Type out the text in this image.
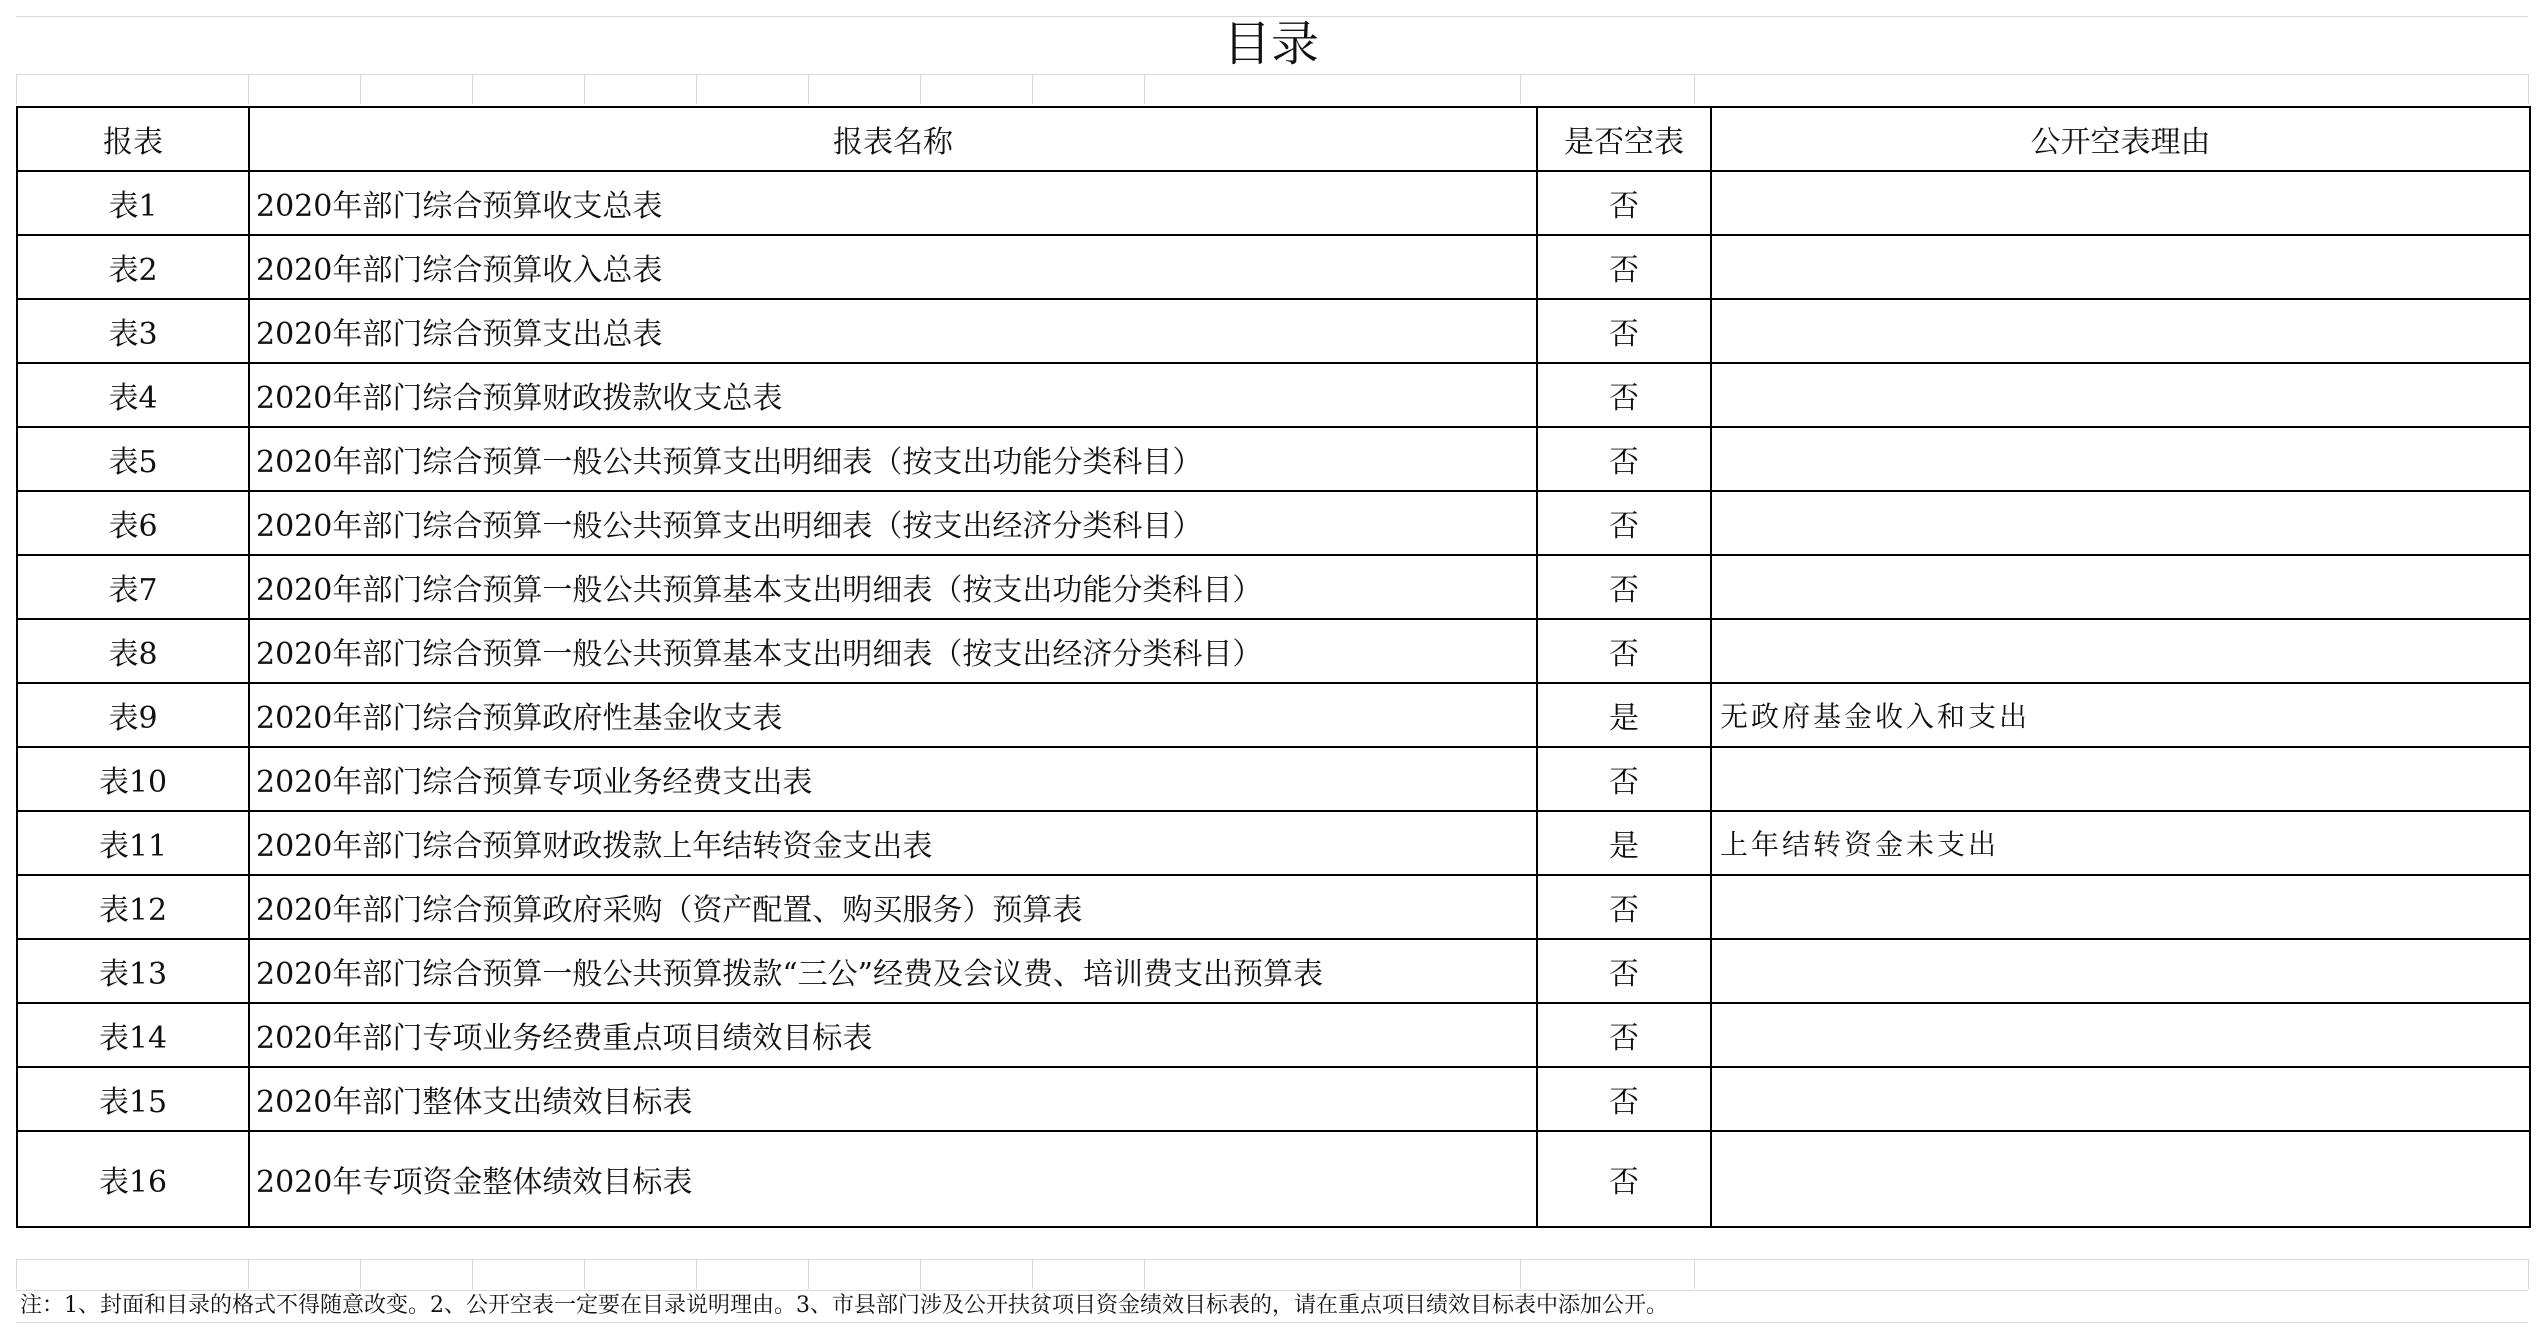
目录
报表	报表名称	是否空表	公开空表理由
表1	2020年部门综合预算收支总表	否	
表2	2020年部门综合预算收入总表	否	
表3	2020年部门综合预算支出总表	否	
表4	2020年部门综合预算财政拨款收支总表	否	
表5	2020年部门综合预算一般公共预算支出明细表（按支出功能分类科目）	否	
表6	2020年部门综合预算一般公共预算支出明细表（按支出经济分类科目）	否	
表7	2020年部门综合预算一般公共预算基本支出明细表（按支出功能分类科目）	否	
表8	2020年部门综合预算一般公共预算基本支出明细表（按支出经济分类科目）	否	
表9	2020年部门综合预算政府性基金收支表	是	无政府基金收入和支出
表10	2020年部门综合预算专项业务经费支出表	否	
表11	2020年部门综合预算财政拨款上年结转资金支出表	是	上年结转资金未支出
表12	2020年部门综合预算政府采购（资产配置、购买服务）预算表	否	
表13	2020年部门综合预算一般公共预算拨款“三公”经费及会议费、培训费支出预算表	否	
表14	2020年部门专项业务经费重点项目绩效目标表	否	
表15	2020年部门整体支出绩效目标表	否	
表16	2020年专项资金整体绩效目标表	否	
注：1、封面和目录的格式不得随意改变。2、公开空表一定要在目录说明理由。3、市县部门涉及公开扶贫项目资金绩效目标表的，请在重点项目绩效目标表中添加公开。
